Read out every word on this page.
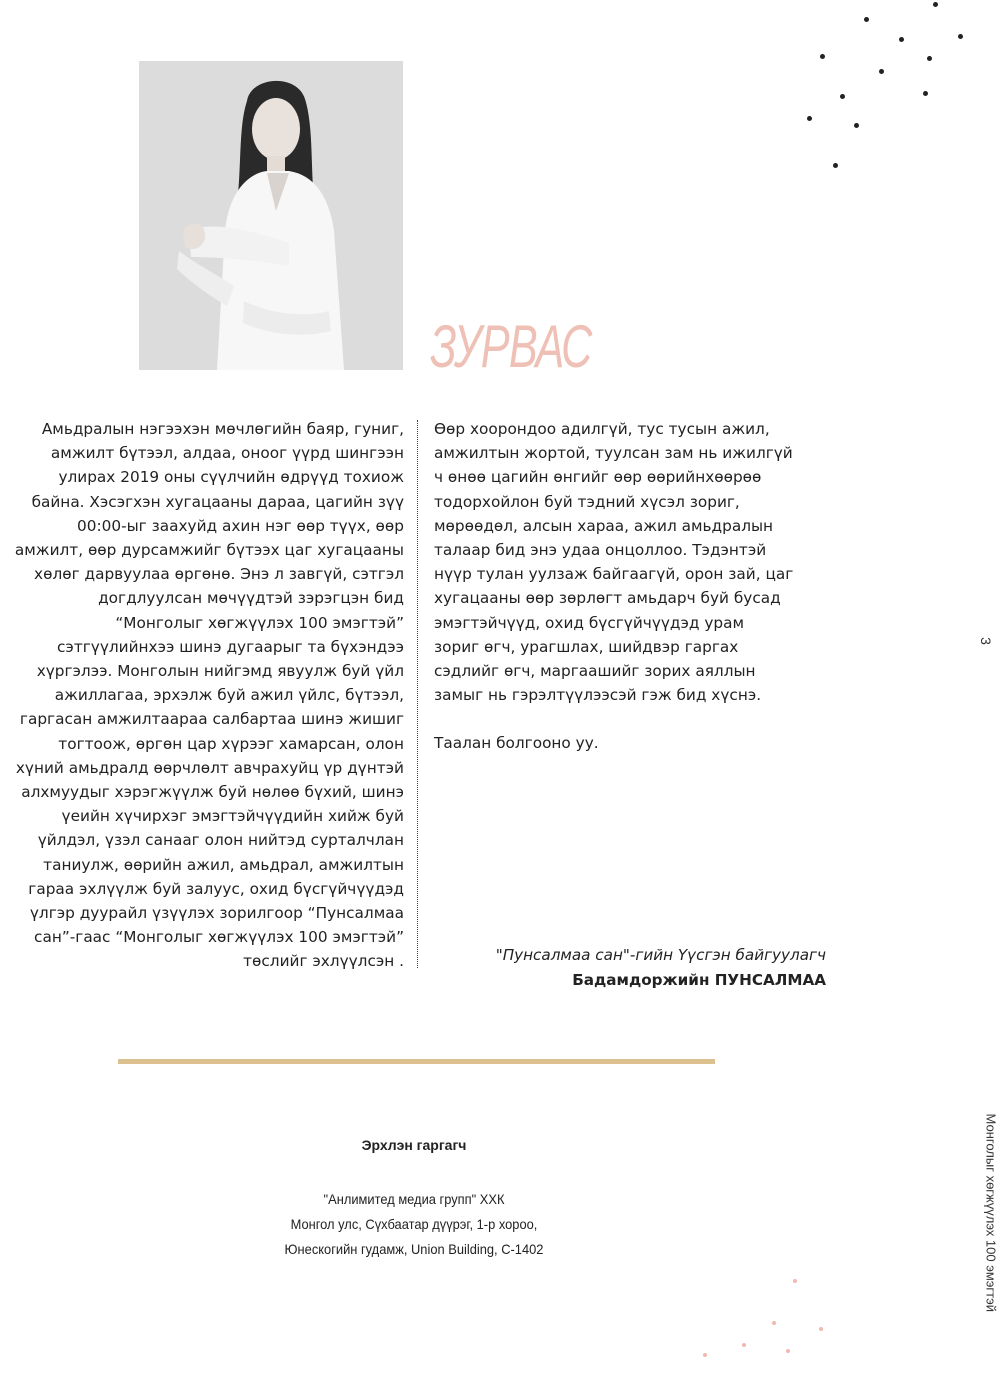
ЗУРВАС

Амьдралын нэгээхэн мөчлөгийн баяр, гуниг, амжилт бүтээл, алдаа, оноог үүрд шингээн улирах 2019 оны сүүлчийн өдрүүд тохиож байна. Хэсэгхэн хугацааны дараа, цагийн зүү 00:00-ыг заахуйд ахин нэг өөр түүх, өөр амжилт, өөр дурсамжийг бүтээх цаг хугацааны хөлөг дарвуулаа өргөнө. Энэ л завгүй, сэтгэл догдлуулсан мөчүүдтэй зэрэгцэн бид “Монголыг хөгжүүлэх 100 эмэгтэй” сэтгүүлийнхээ шинэ дугаарыг та бүхэндээ хүргэлээ. Монголын нийгэмд явуулж буй үйл ажиллагаа, эрхэлж буй ажил үйлс, бүтээл, гаргасан амжилтаараа салбартаа шинэ жишиг тогтоож, өргөн цар хүрээг хамарсан, олон хүний амьдралд өөрчлөлт авчрахуйц үр дүнтэй алхмуудыг хэрэгжүүлж буй нөлөө бүхий, шинэ үеийн хүчирхэг эмэгтэйчүүдийн хийж буй үйлдэл, үзэл санааг олон нийтэд сурталчлан таниулж, өөрийн ажил, амьдрал, амжилтын гараа эхлүүлж буй залуус, охид бүсгүйчүүдэд үлгэр дуурайл үзүүлэх зорилгоор “Пунсалмаа сан”-гаас “Монголыг хөгжүүлэх 100 эмэгтэй” төслийг эхлүүлсэн .

Өөр хоорондоо адилгүй, тус тусын ажил, амжилтын жортой, туулсан зам нь ижилгүй ч өнөө цагийн өнгийг өөр өөрийнхөөрөө тодорхойлон буй тэдний хүсэл зориг, мөрөөдөл, алсын хараа, ажил амьдралын талаар бид энэ удаа онцоллоо. Тэдэнтэй нүүр тулан уулзаж байгаагүй, орон зай, цаг хугацааны өөр зөрлөгт амьдарч буй бусад эмэгтэйчүүд, охид бүсгүйчүүдэд урам зориг өгч, урагшлах, шийдвэр гаргах сэдлийг өгч, маргаашийг зорих аяллын замыг нь гэрэлтүүлээсэй гэж бид хүснэ.

Таалан болгооно уу.

"Пунсалмаа сан"-гийн Үүсгэн байгуулагч
Бадамдоржийн ПУНСАЛМАА
Эрхлэн гаргагч
"Анлимитед медиа групп" ХХК
Монгол улс, Сүхбаатар дүүрэг, 1-р хороо,
Юнескогийн гудамж, Union Building, C-1402
3
Монголыг хөгжүүлэх 100 эмэгтэй
